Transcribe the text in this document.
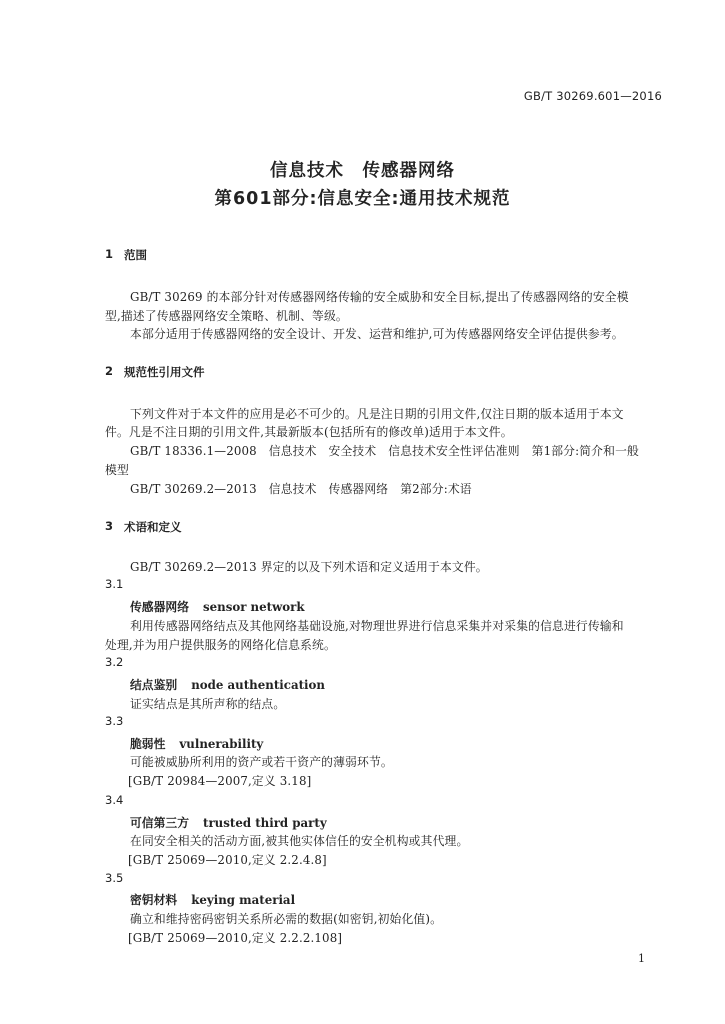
GB/T 30269.601—2016
信息技术　传感器网络
第601部分:信息安全:通用技术规范
1 范围
GB/T 30269 的本部分针对传感器网络传输的安全威胁和安全目标,提出了传感器网络的安全模
型,描述了传感器网络安全策略、机制、等级。
本部分适用于传感器网络的安全设计、开发、运营和维护,可为传感器网络安全评估提供参考。
2 规范性引用文件
下列文件对于本文件的应用是必不可少的。凡是注日期的引用文件,仅注日期的版本适用于本文
件。凡是不注日期的引用文件,其最新版本(包括所有的修改单)适用于本文件。
GB/T 18336.1—2008　信息技术　安全技术　信息技术安全性评估准则　第1部分:简介和一般
模型
GB/T 30269.2—2013　信息技术　传感器网络　第2部分:术语
3 术语和定义
GB/T 30269.2—2013 界定的以及下列术语和定义适用于本文件。
3.1
传感器网络 sensor network
利用传感器网络结点及其他网络基础设施,对物理世界进行信息采集并对采集的信息进行传输和
处理,并为用户提供服务的网络化信息系统。
3.2
结点鉴别 node authentication
证实结点是其所声称的结点。
3.3
脆弱性 vulnerability
可能被威胁所利用的资产或若干资产的薄弱环节。
[GB/T 20984—2007,定义 3.18]
3.4
可信第三方 trusted third party
在同安全相关的活动方面,被其他实体信任的安全机构或其代理。
[GB/T 25069—2010,定义 2.2.4.8]
3.5
密钥材料 keying material
确立和维持密码密钥关系所必需的数据(如密钥,初始化值)。
[GB/T 25069—2010,定义 2.2.2.108]
1
